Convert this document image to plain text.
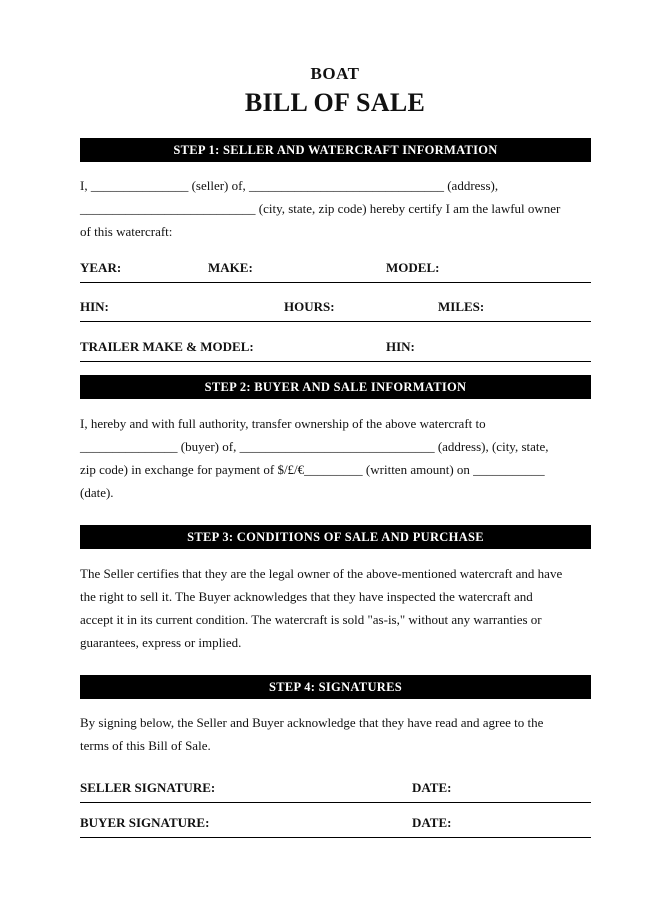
BOAT
BILL OF SALE
STEP 1: SELLER AND WATERCRAFT INFORMATION

I, _______________ (seller) of, ______________________________ (address),

___________________________ (city, state, zip code) hereby certify I am the lawful owner

of this watercraft:

YEAR:	MAKE:	MODEL:
HIN:	HOURS:	MILES:
TRAILER MAKE & MODEL:	HIN:
STEP 2: BUYER AND SALE INFORMATION

I, hereby and with full authority, transfer ownership of the above watercraft to

_______________ (buyer) of, ______________________________ (address), (city, state,

zip code) in exchange for payment of $/£/€_________ (written amount) on ___________

(date).

STEP 3: CONDITIONS OF SALE AND PURCHASE

The Seller certifies that they are the legal owner of the above-mentioned watercraft and have

the right to sell it. The Buyer acknowledges that they have inspected the watercraft and

accept it in its current condition. The watercraft is sold "as-is," without any warranties or

guarantees, express or implied.

STEP 4: SIGNATURES

By signing below, the Seller and Buyer acknowledge that they have read and agree to the

terms of this Bill of Sale.

SELLER SIGNATURE:	DATE:
BUYER SIGNATURE:	DATE:
